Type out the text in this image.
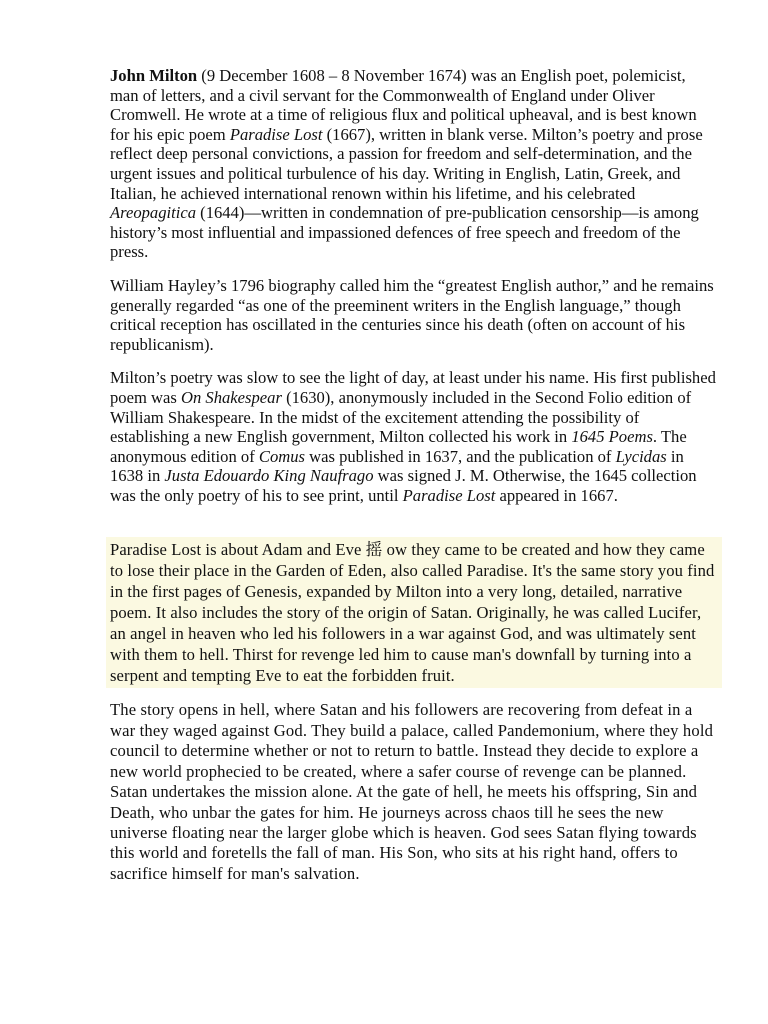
John Milton (9 December 1608 – 8 November 1674) was an English poet, polemicist, man of letters, and a civil servant for the Commonwealth of England under Oliver Cromwell. He wrote at a time of religious flux and political upheaval, and is best known for his epic poem Paradise Lost (1667), written in blank verse. Milton’s poetry and prose reflect deep personal convictions, a passion for freedom and self-determination, and the urgent issues and political turbulence of his day. Writing in English, Latin, Greek, and Italian, he achieved international renown within his lifetime, and his celebrated Areopagitica (1644)—written in condemnation of pre-publication censorship—is among history’s most influential and impassioned defences of free speech and freedom of the press.

William Hayley’s 1796 biography called him the “greatest English author,” and he remains generally regarded “as one of the preeminent writers in the English language,” though critical reception has oscillated in the centuries since his death (often on account of his republicanism).

Milton’s poetry was slow to see the light of day, at least under his name. His first published poem was On Shakespear (1630), anonymously included in the Second Folio edition of William Shakespeare. In the midst of the excitement attending the possibility of establishing a new English government, Milton collected his work in 1645 Poems. The anonymous edition of Comus was published in 1637, and the publication of Lycidas in 1638 in Justa Edouardo King Naufrago was signed J. M. Otherwise, the 1645 collection was the only poetry of his to see print, until Paradise Lost appeared in 1667.

Paradise Lost is about Adam and Eve 摇 ow they came to be created and how they came to lose their place in the Garden of Eden, also called Paradise. It's the same story you find in the first pages of Genesis, expanded by Milton into a very long, detailed, narrative poem. It also includes the story of the origin of Satan. Originally, he was called Lucifer, an angel in heaven who led his followers in a war against God, and was ultimately sent with them to hell. Thirst for revenge led him to cause man's downfall by turning into a serpent and tempting Eve to eat the forbidden fruit.

The story opens in hell, where Satan and his followers are recovering from defeat in a war they waged against God. They build a palace, called Pandemonium, where they hold council to determine whether or not to return to battle. Instead they decide to explore a new world prophecied to be created, where a safer course of revenge can be planned. Satan undertakes the mission alone. At the gate of hell, he meets his offspring, Sin and Death, who unbar the gates for him. He journeys across chaos till he sees the new universe floating near the larger globe which is heaven. God sees Satan flying towards this world and foretells the fall of man. His Son, who sits at his right hand, offers to sacrifice himself for man's salvation.
